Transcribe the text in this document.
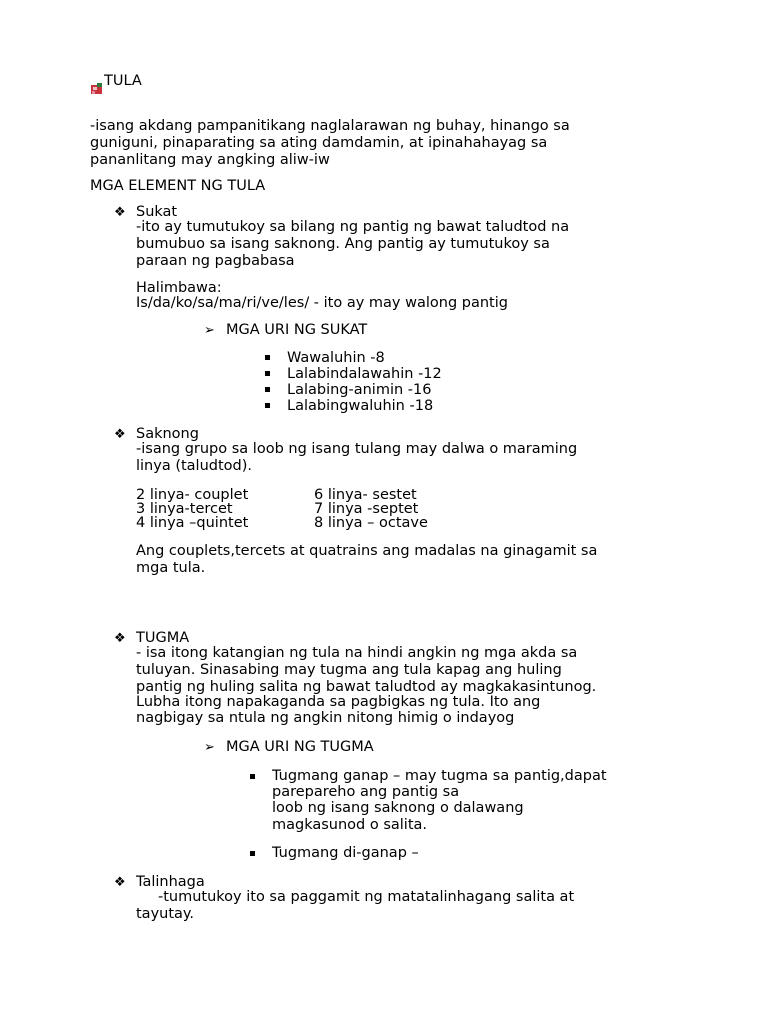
TULA
-isang akdang pampanitikang naglalarawan ng buhay, hinango sa
guniguni, pinaparating sa ating damdamin, at ipinahahayag sa
pananlitang may angking aliw-iw
MGA ELEMENT NG TULA
❖ Sukat
-ito ay tumutukoy sa bilang ng pantig ng bawat taludtod na
bumubuo sa isang saknong. Ang pantig ay tumutukoy sa
paraan ng pagbabasa
Halimbawa:
Is/da/ko/sa/ma/ri/ve/les/ - ito ay may walong pantig
➢ MGA URI NG SUKAT
Wawaluhin -8
Lalabindalawahin -12
Lalabing-animin -16
Lalabingwaluhin -18
❖ Saknong
-isang grupo sa loob ng isang tulang may dalwa o maraming
linya (taludtod).
2 linya- couplet
3 linya-tercet
4 linya –quintet
6 linya- sestet
7 linya -septet
8 linya – octave
Ang couplets,tercets at quatrains ang madalas na ginagamit sa
mga tula.
❖ TUGMA
- isa itong katangian ng tula na hindi angkin ng mga akda sa
tuluyan. Sinasabing may tugma ang tula kapag ang huling
pantig ng huling salita ng bawat taludtod ay magkakasintunog.
Lubha itong napakaganda sa pagbigkas ng tula. Ito ang
nagbigay sa ntula ng angkin nitong himig o indayog
➢ MGA URI NG TUGMA
Tugmang ganap – may tugma sa pantig,dapat
parepareho ang pantig sa
loob ng isang saknong o dalawang
magkasunod o salita.
Tugmang di-ganap –
❖ Talinhaga
-tumutukoy ito sa paggamit ng matatalinhagang salita at
tayutay.
